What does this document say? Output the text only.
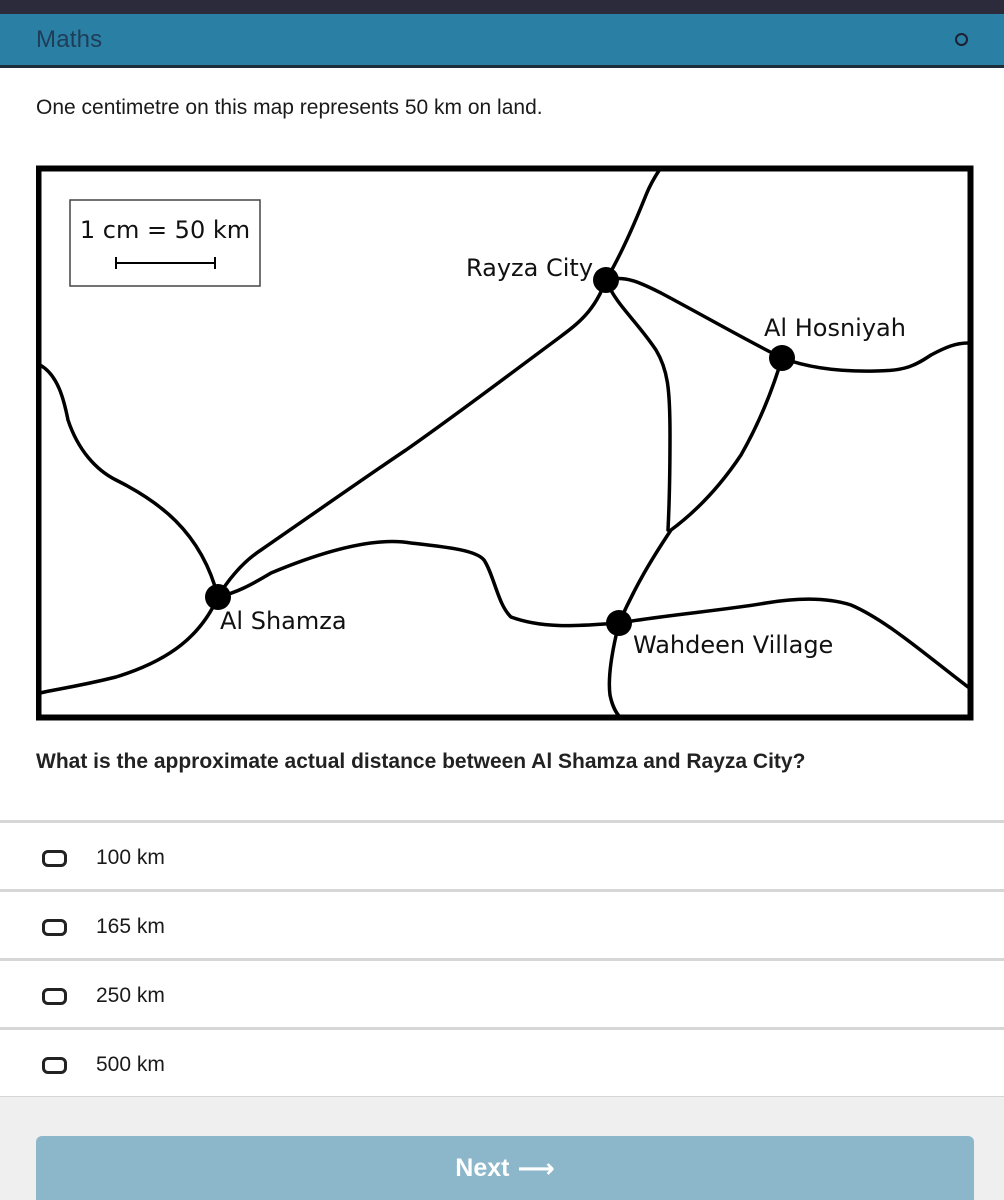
Maths
One centimetre on this map represents 50 km on land.
1 cm = 50 km
Rayza City
Al Hosniyah
Al Shamza
Wahdeen Village
What is the approximate actual distance between Al Shamza and Rayza City?
100 km
165 km
250 km
500 km
Next ⟶
